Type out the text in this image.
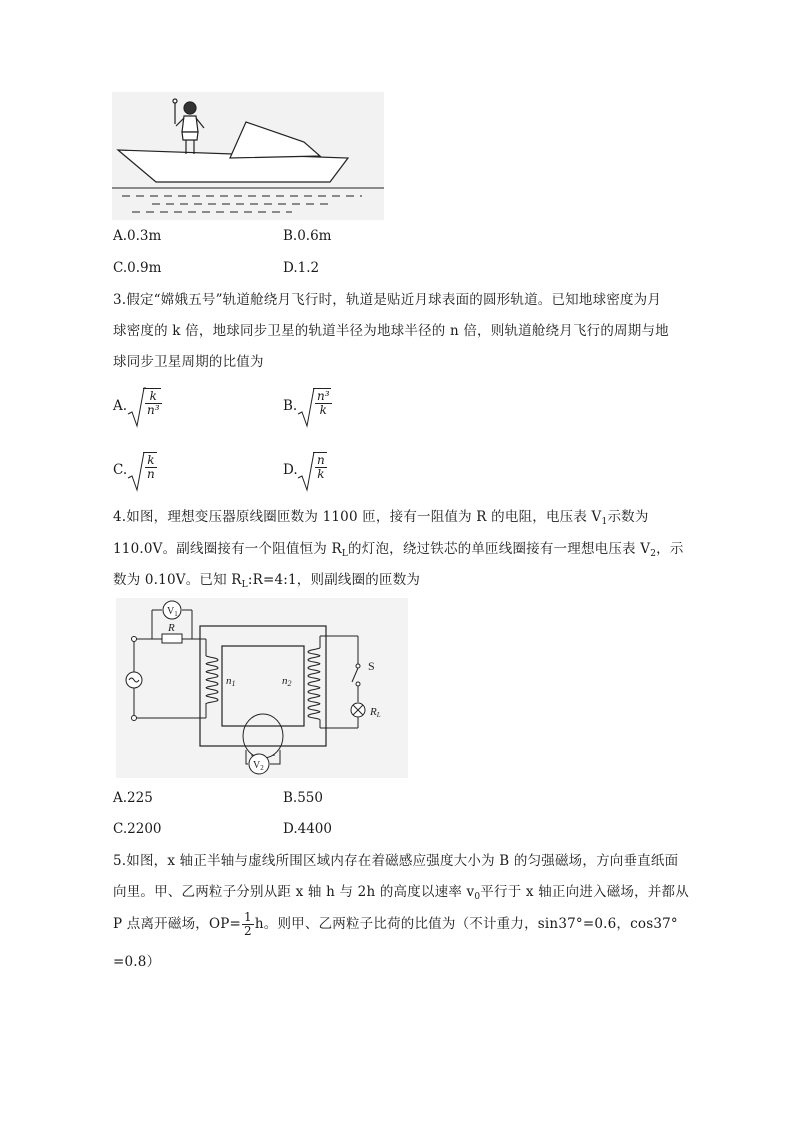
A.0.3m	B.0.6m
C.0.9m	D.1.2
3.假定“嫦娥五号”轨道舱绕月飞行时，轨道是贴近月球表面的圆形轨道。已知地球密度为月
球密度的 k 倍，地球同步卫星的轨道半径为地球半径的 n 倍，则轨道舱绕月飞行的周期与地
球同步卫星周期的比值为
A. $\frac{k}{\text{n³}}$	B. $\frac{\text{n³}}{k}$
C. $\frac{k}{n}$	D. $\frac{n}{k}$
4.如图，理想变压器原线圈匝数为 1100 匝，接有一阻值为 R 的电阻，电压表 $V_1$示数为
110.0V。副线圈接有一个阻值恒为 $R_L$的灯泡，绕过铁芯的单匝线圈接有一理想电压表 $V_2$，示
数为 0.10V。已知 $R_L:R=4:1$，则副线圈的匝数为
R
$V_1$
n1	n2
S
RL
$V_2$
A.225	B.550
C.2200	D.4400
5.如图，x 轴正半轴与虚线所围区域内存在着磁感应强度大小为 B 的匀强磁场，方向垂直纸面
向里。甲、乙两粒子分别从距 x 轴 h 与 2h 的高度以速率 $v_0$平行于 x 轴正向进入磁场，并都从
P 点离开磁场，$OP= \frac{1}{2}$ h。则甲、乙两粒子比荷的比值为（不计重力，sin37°=0.6，cos37°
=0.8）
